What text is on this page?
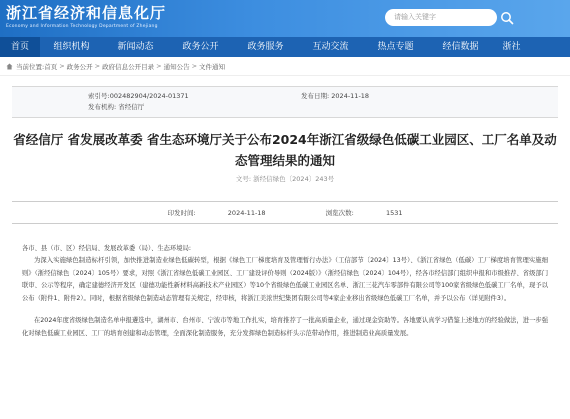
浙江省经济和信息化厅
Economy and Information Technology Department of Zhejiang
请输入关键字
首页	组织机构	新闻动态	政务公开	政务服务	互动交流	热点专题	经信数据	浙社
当前位置: 首页 > 政务公开 > 政府信息公开目录 > 通知公告 > 文件通知
索引号:002482904/2024-01371	发布日期: 2024-11-18
发布机构: 省经信厅
省经信厅 省发展改革委 省生态环境厅关于公布2024年浙江省级绿色低碳工业园区、工厂名单及动态管理结果的通知
文号: 浙经信绿色〔2024〕243号
印发时间:	2024-11-18	浏览次数:	1531
各市、县（市、区）经信局、发展改革委（局）、生态环境局:
为深入实施绿色制造标杆引领，加快推进制造业绿色低碳转型，根据《绿色工厂梯度培育及管理暂行办法》（工信部节〔2024〕13号）、《浙江省绿色（低碳）工厂梯度培育管理实施细则》（浙经信绿色〔2024〕105号）要求，对照《浙江省绿色低碳工业园区、工厂建设评价导则（2024版）》（浙经信绿色〔2024〕104号），经各市经信部门组织申报和市级推荐、省级部门联审、公示等程序，确定建德经济开发区（建德功能性新材料高新技术产业园区）等10个省级绿色低碳工业园区名单、浙江三花汽车零部件有限公司等100家省级绿色低碳工厂名单，现予以公布（附件1、附件2）。同时，根据省级绿色制造动态管理有关规定，经审核，将浙江美浓世纪集团有限公司等4家企业移出省级绿色低碳工厂名单，并予以公布（详见附件3）。
在2024年度省级绿色制造名单申报遴选中，湖州市、台州市、宁波市等地工作扎实，培育推荐了一批高质量企业，通过现金资助等。各地要认真学习借鉴上述地方的经验做法，进一步强化对绿色低碳工业园区、工厂的培育创建和动态管理，全面深化制造服务，充分发挥绿色制造标杆头示范带动作用，推进制造业高质量发展。
